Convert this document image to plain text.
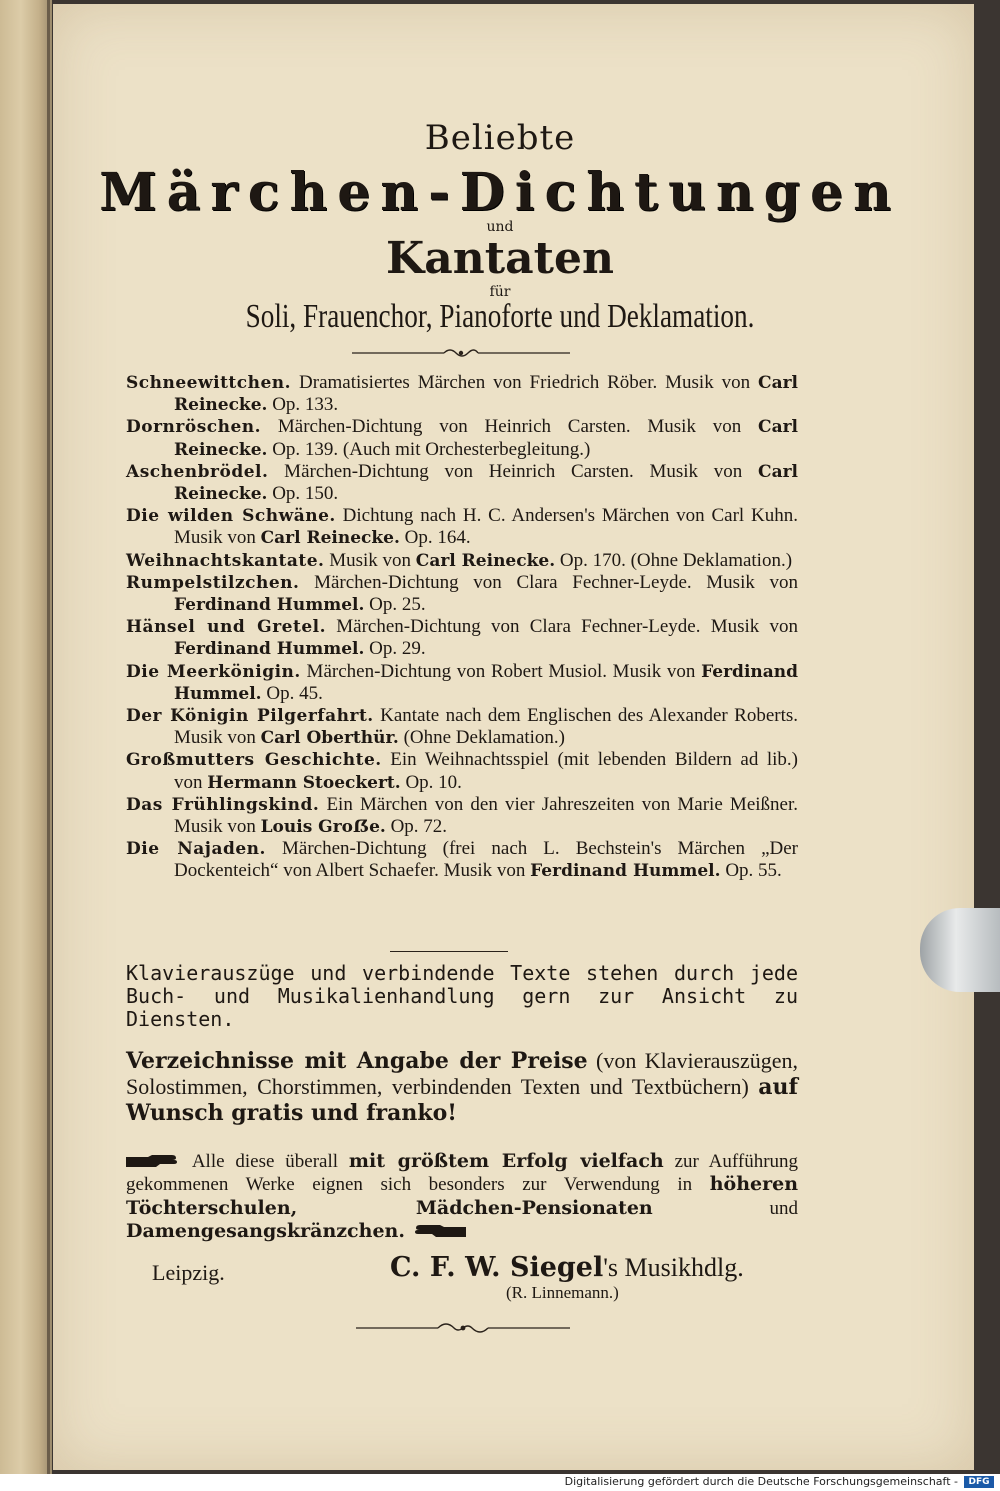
Beliebte
Märchen-Dichtungen
und
Kantaten
für
Soli, Frauenchor, Pianoforte und Deklamation.

Schneewittchen. Dramatisiertes Märchen von Friedrich Röber. Musik von Carl Reinecke. Op. 133.

Dornröschen. Märchen-Dichtung von Heinrich Carsten. Musik von Carl Reinecke. Op. 139. (Auch mit Orchesterbegleitung.)

Aschenbrödel. Märchen-Dichtung von Heinrich Carsten. Musik von Carl Reinecke. Op. 150.

Die wilden Schwäne. Dichtung nach H. C. Andersen's Märchen von Carl Kuhn. Musik von Carl Reinecke. Op. 164.

Weihnachtskantate. Musik von Carl Reinecke. Op. 170. (Ohne Deklamation.)

Rumpelstilzchen. Märchen-Dichtung von Clara Fechner-Leyde. Musik von Ferdinand Hummel. Op. 25.

Hänsel und Gretel. Märchen-Dichtung von Clara Fechner-Leyde. Musik von Ferdinand Hummel. Op. 29.

Die Meerkönigin. Märchen-Dichtung von Robert Musiol. Musik von Ferdinand Hummel. Op. 45.

Der Königin Pilgerfahrt. Kantate nach dem Englischen des Alexander Roberts. Musik von Carl Oberthür. (Ohne Deklamation.)

Großmutters Geschichte. Ein Weihnachtsspiel (mit lebenden Bildern ad lib.) von Hermann Stoeckert. Op. 10.

Das Frühlingskind. Ein Märchen von den vier Jahreszeiten von Marie Meißner. Musik von Louis Groẞe. Op. 72.

Die Najaden. Märchen-Dichtung (frei nach L. Bechstein's Märchen „Der Dockenteich“ von Albert Schaefer. Musik von Ferdinand Hummel. Op. 55.

Klavierauszüge und verbindende Texte stehen durch jede Buch- und Musikalienhandlung gern zur Ansicht zu Diensten.
Verzeichnisse mit Angabe der Preise (von Klavierauszügen, Solostimmen, Chorstimmen, verbindenden Texten und Textbüchern) auf Wunsch gratis und franko!
Alle diese überall mit größtem Erfolg vielfach zur Aufführung gekommenen Werke eignen sich besonders zur Verwendung in höheren Töchterschulen, Mädchen-Pensionaten	und Damengesangskränzchen.
Leipzig.	C. F. W. Siegel's Musikhdlg.
(R. Linnemann.)
Digitalisierung gefördert durch die Deutsche Forschungsgemeinschaft -	DFG
